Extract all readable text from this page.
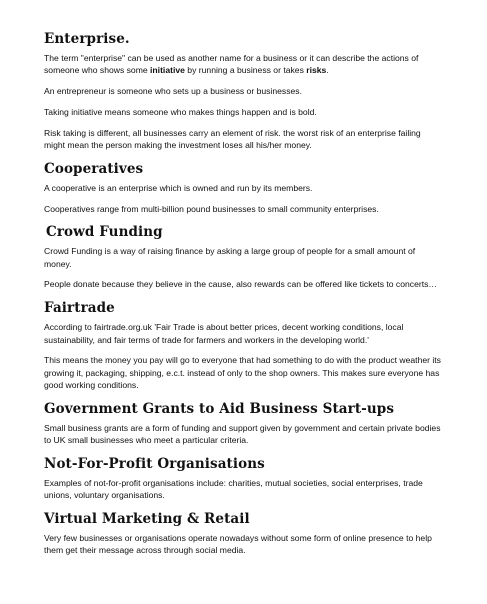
Enterprise.

The term "enterprise" can be used as another name for a business or it can describe the actions of someone who shows some initiative by running a business or takes risks.

An entrepreneur is someone who sets up a business or businesses.

Taking initiative means someone who makes things happen and is bold.

Risk taking is different, all businesses carry an element of risk. the worst risk of an enterprise failing might mean the person making the investment loses all his/her money.

Cooperatives

A cooperative is an enterprise which is owned and run by its members.

Cooperatives range from multi-billion pound businesses to small community enterprises.

Crowd Funding

Crowd Funding is a way of raising finance by asking a large group of people for a small amount of money.

People donate because they believe in the cause, also rewards can be offered like tickets to concerts…

Fairtrade

According to fairtrade.org.uk 'Fair Trade is about better prices, decent working conditions, local sustainability, and fair terms of trade for farmers and workers in the developing world.'

This means the money you pay will go to everyone that had something to do with the product weather its growing it, packaging, shipping, e.c.t. instead of only to the shop owners. This makes sure everyone has good working conditions.

Government Grants to Aid Business Start-ups

Small business grants are a form of funding and support given by government and certain private bodies to UK small businesses who meet a particular criteria.

Not-For-Profit Organisations

Examples of not-for-profit organisations include: charities, mutual societies, social enterprises, trade unions, voluntary organisations.

Virtual Marketing & Retail

Very few businesses or organisations operate nowadays without some form of online presence to help them get their message across through social media.
